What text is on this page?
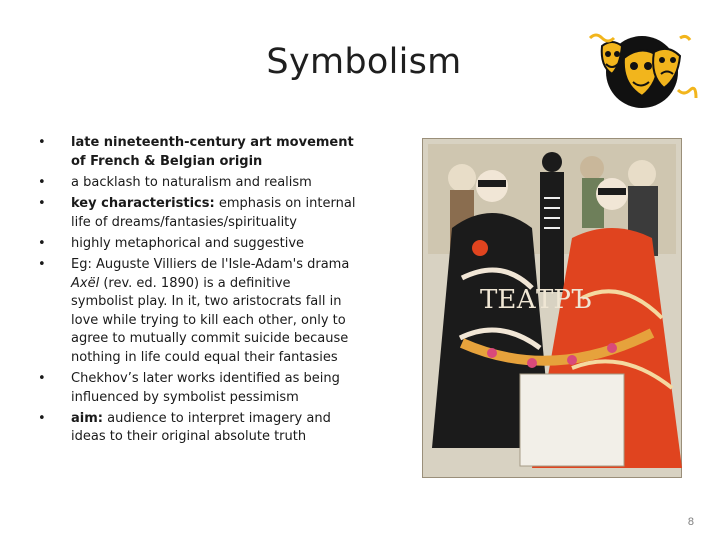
Symbolism
•	late nineteenth-century art movement of French & Belgian origin
•	a backlash to naturalism and realism
•	key characteristics: emphasis on internal life of dreams/fantasies/spirituality
•	highly metaphorical and suggestive
•	Eg: Auguste Villiers de l'Isle-Adam's drama Axël (rev. ed. 1890) is a definitive symbolist play. In it, two aristocrats fall in love while trying to kill each other, only to agree to mutually commit suicide because nothing in life could equal their fantasies
•	Chekhov’s later works identified as being influenced by symbolist pessimism
•	aim: audience to interpret imagery and ideas to their original absolute truth
ТЕАТРЪ
8
